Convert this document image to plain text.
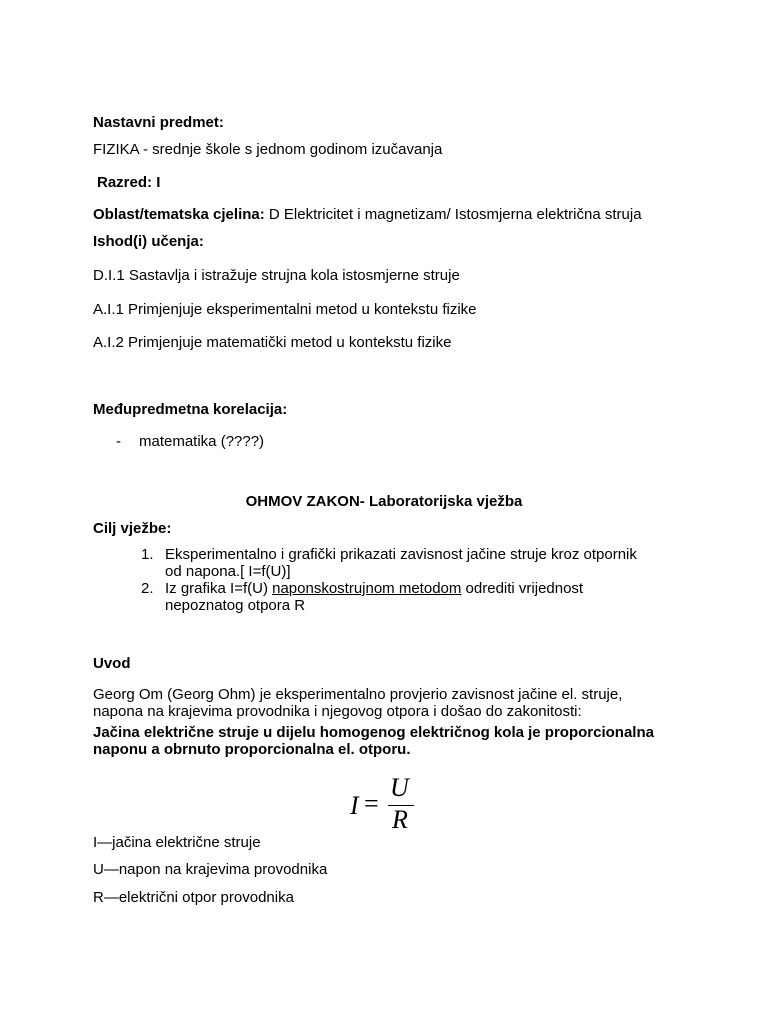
Nastavni predmet:
FIZIKA - srednje škole s jednom godinom izučavanja
Razred: I
Oblast/tematska cjelina: D Elektricitet i magnetizam/ Istosmjerna električna struja
Ishod(i) učenja:
D.I.1 Sastavlja i istražuje strujna kola istosmjerne struje
A.I.1 Primjenjuje eksperimentalni metod u kontekstu fizike
A.I.2 Primjenjuje matematički metod u kontekstu fizike
Međupredmetna korelacija:
- matematika (????)
OHMOV ZAKON- Laboratorijska vježba
Cilj vježbe:
1. Eksperimentalno i grafički prikazati zavisnost jačine struje kroz otpornik
od napona.[ I=f(U)]
2. Iz grafika I=f(U) naponskostrujnom metodom odrediti vrijednost
nepoznatog otpora R
Uvod
Georg Om (Georg Ohm) je eksperimentalno provjerio zavisnost jačine el. struje,
napona na krajevima provodnika i njegovog otpora i došao do zakonitosti:
Jačina električne struje u dijelu homogenog električnog kola je proporcionalna
naponu a obrnuto proporcionalna el. otporu.
I =
U
R
I—jačina električne struje
U—napon na krajevima provodnika
R—električni otpor provodnika
